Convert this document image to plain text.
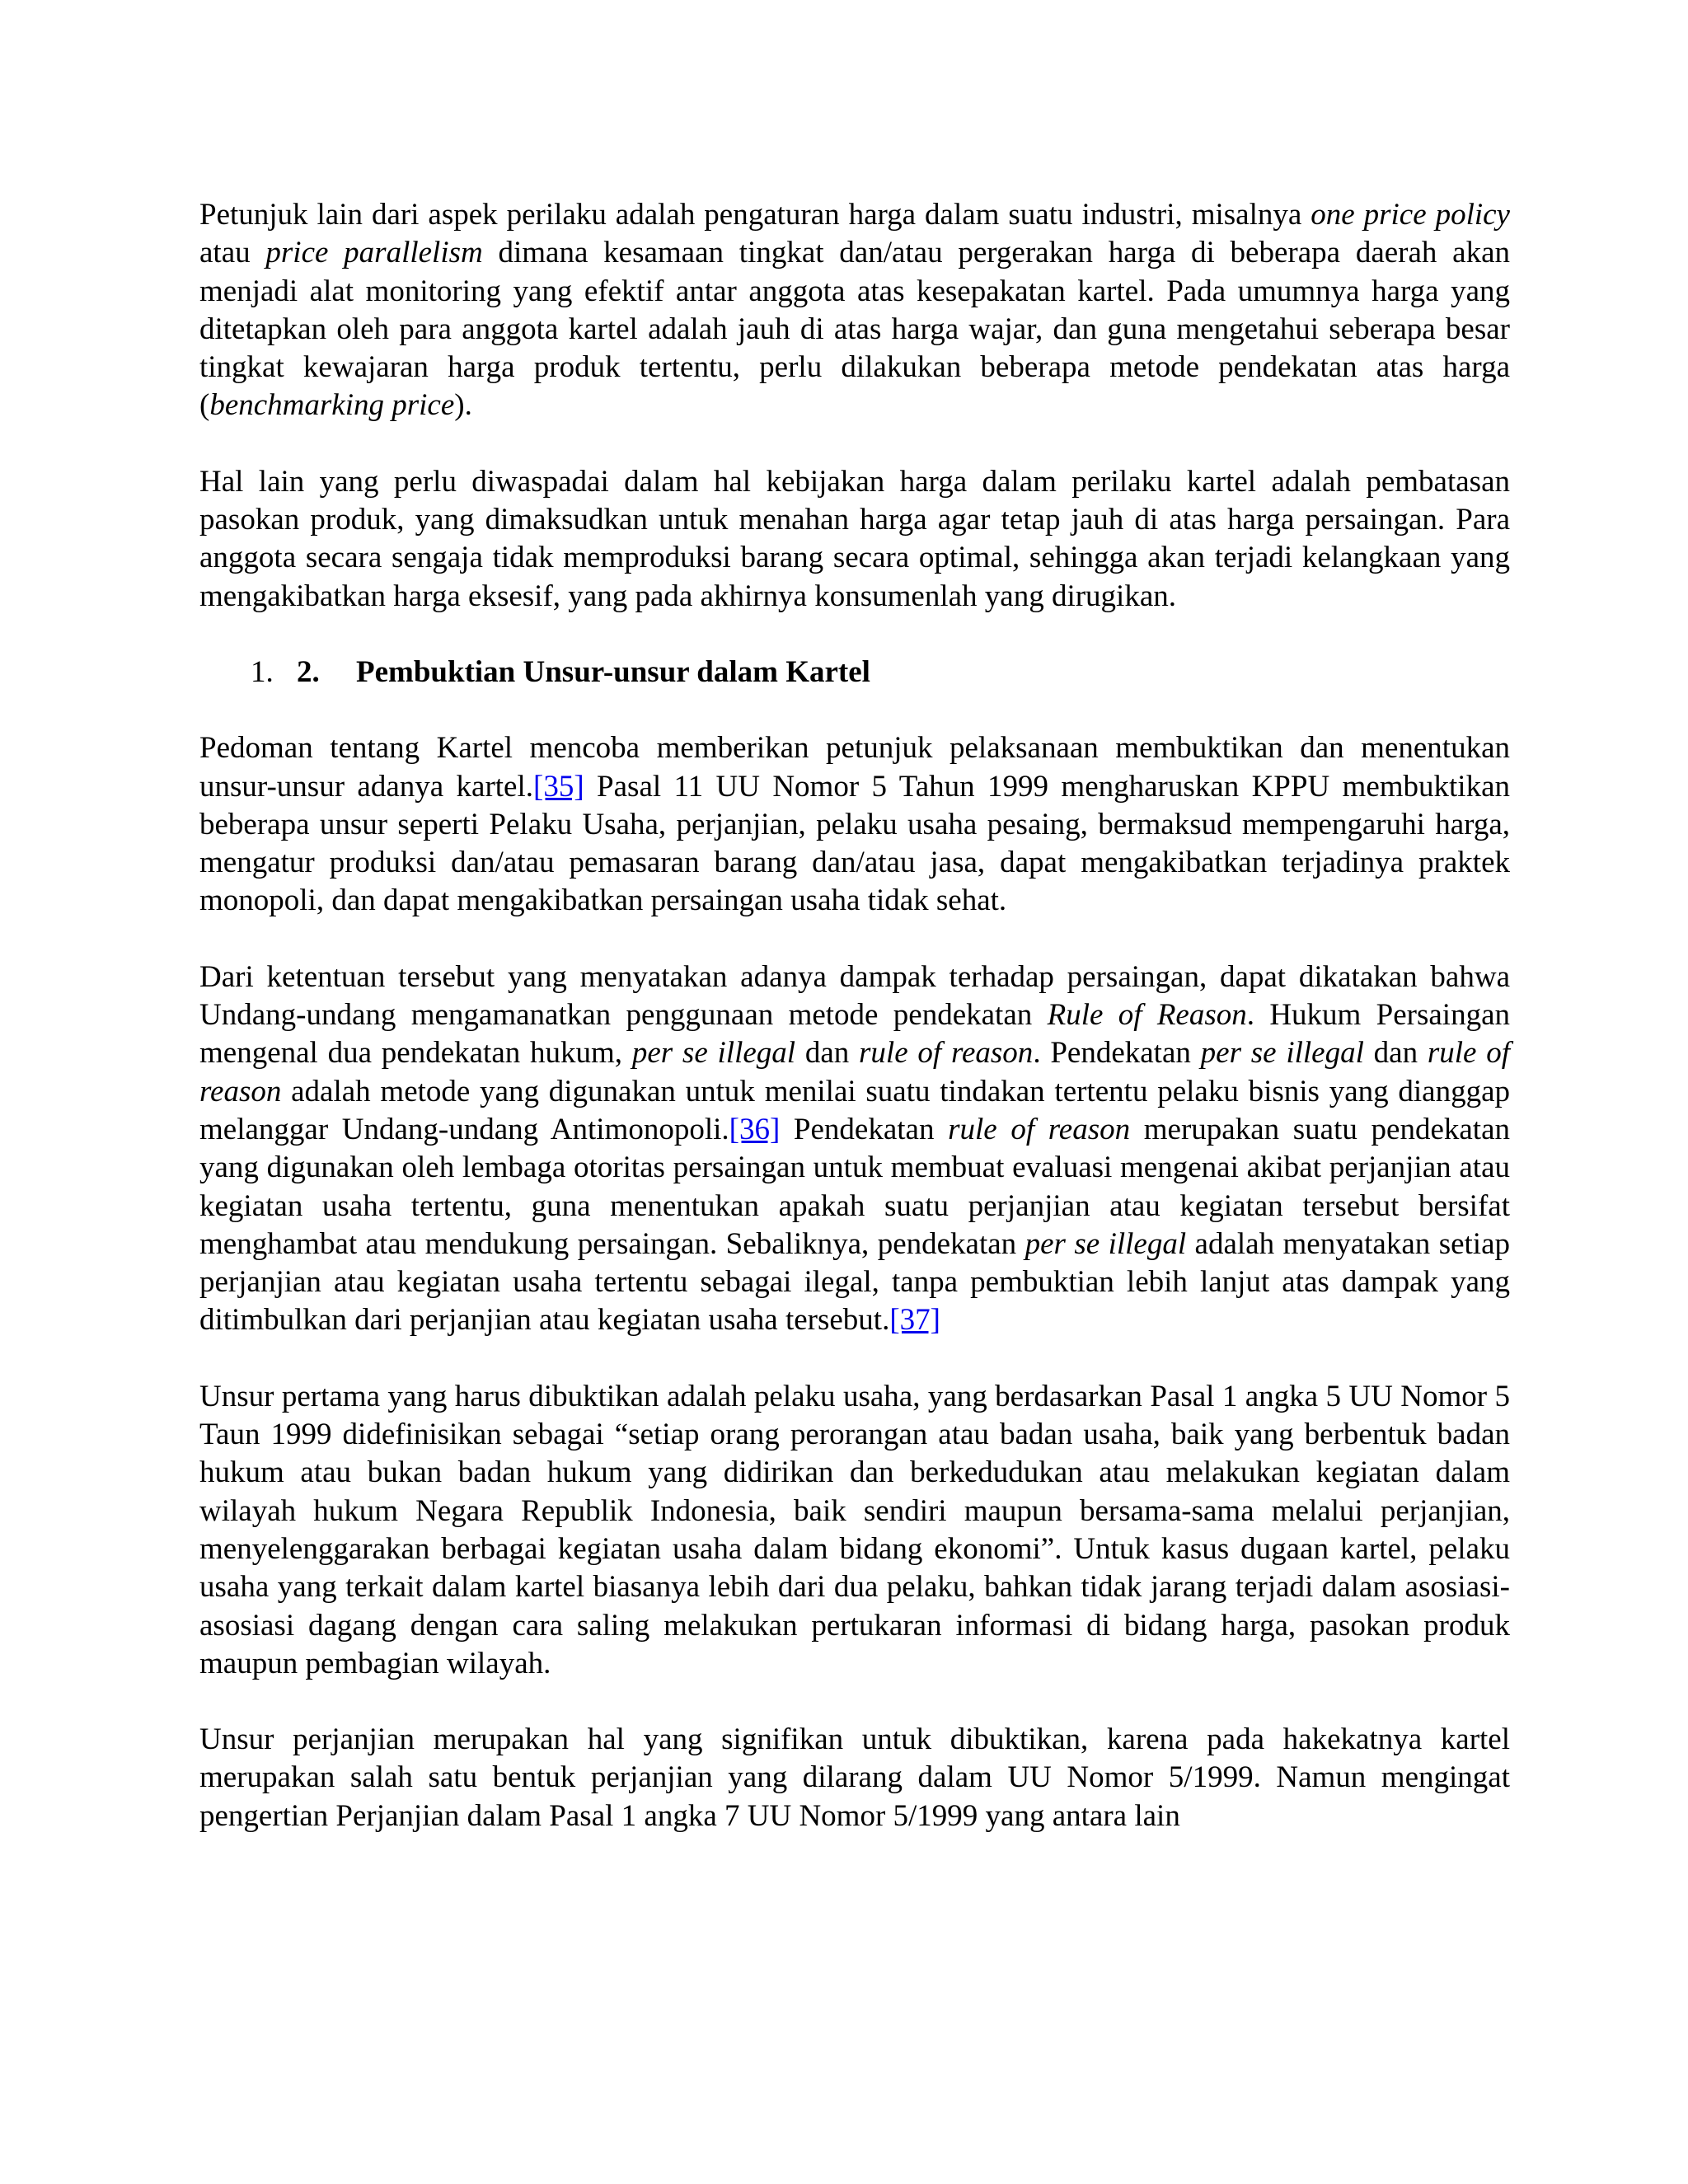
Petunjuk lain dari aspek perilaku adalah pengaturan harga dalam suatu industri, misalnya one price policy atau price parallelism dimana kesamaan tingkat dan/atau pergerakan harga di beberapa daerah akan menjadi alat monitoring yang efektif antar anggota atas kesepakatan kartel. Pada umumnya harga yang ditetapkan oleh para anggota kartel adalah jauh di atas harga wajar, dan guna mengetahui seberapa besar tingkat kewajaran harga produk tertentu, perlu dilakukan beberapa metode pendekatan atas harga (benchmarking price).

Hal lain yang perlu diwaspadai dalam hal kebijakan harga dalam perilaku kartel adalah pembatasan pasokan produk, yang dimaksudkan untuk menahan harga agar tetap jauh di atas harga persaingan. Para anggota secara sengaja tidak memproduksi barang secara optimal, sehingga akan terjadi kelangkaan yang mengakibatkan harga eksesif, yang pada akhirnya konsumenlah yang dirugikan.

1. 2. Pembuktian Unsur-unsur dalam Kartel

Pedoman tentang Kartel mencoba memberikan petunjuk pelaksanaan membuktikan dan menentukan unsur-unsur adanya kartel.[35] Pasal 11 UU Nomor 5 Tahun 1999 mengharuskan KPPU membuktikan beberapa unsur seperti Pelaku Usaha, perjanjian, pelaku usaha pesaing, bermaksud mempengaruhi harga, mengatur produksi dan/atau pemasaran barang dan/atau jasa, dapat mengakibatkan terjadinya praktek monopoli, dan dapat mengakibatkan persaingan usaha tidak sehat.

Dari ketentuan tersebut yang menyatakan adanya dampak terhadap persaingan, dapat dikatakan bahwa Undang-undang mengamanatkan penggunaan metode pendekatan Rule of Reason. Hukum Persaingan mengenal dua pendekatan hukum, per se illegal dan rule of reason. Pendekatan per se illegal dan rule of reason adalah metode yang digunakan untuk menilai suatu tindakan tertentu pelaku bisnis yang dianggap melanggar Undang-undang Antimonopoli.[36] Pendekatan rule of reason merupakan suatu pendekatan yang digunakan oleh lembaga otoritas persaingan untuk membuat evaluasi mengenai akibat perjanjian atau kegiatan usaha tertentu, guna menentukan apakah suatu perjanjian atau kegiatan tersebut bersifat menghambat atau mendukung persaingan. Sebaliknya, pendekatan per se illegal adalah menyatakan setiap perjanjian atau kegiatan usaha tertentu sebagai ilegal, tanpa pembuktian lebih lanjut atas dampak yang ditimbulkan dari perjanjian atau kegiatan usaha tersebut.[37]

Unsur pertama yang harus dibuktikan adalah pelaku usaha, yang berdasarkan Pasal 1 angka 5 UU Nomor 5 Taun 1999 didefinisikan sebagai “setiap orang perorangan atau badan usaha, baik yang berbentuk badan hukum atau bukan badan hukum yang didirikan dan berkedudukan atau melakukan kegiatan dalam wilayah hukum Negara Republik Indonesia, baik sendiri maupun bersama-sama melalui perjanjian, menyelenggarakan berbagai kegiatan usaha dalam bidang ekonomi”. Untuk kasus dugaan kartel, pelaku usaha yang terkait dalam kartel biasanya lebih dari dua pelaku, bahkan tidak jarang terjadi dalam asosiasi-asosiasi dagang dengan cara saling melakukan pertukaran informasi di bidang harga, pasokan produk maupun pembagian wilayah.

Unsur perjanjian merupakan hal yang signifikan untuk dibuktikan, karena pada hakekatnya kartel merupakan salah satu bentuk perjanjian yang dilarang dalam UU Nomor 5/1999. Namun mengingat pengertian Perjanjian dalam Pasal 1 angka 7 UU Nomor 5/1999 yang antara lain
